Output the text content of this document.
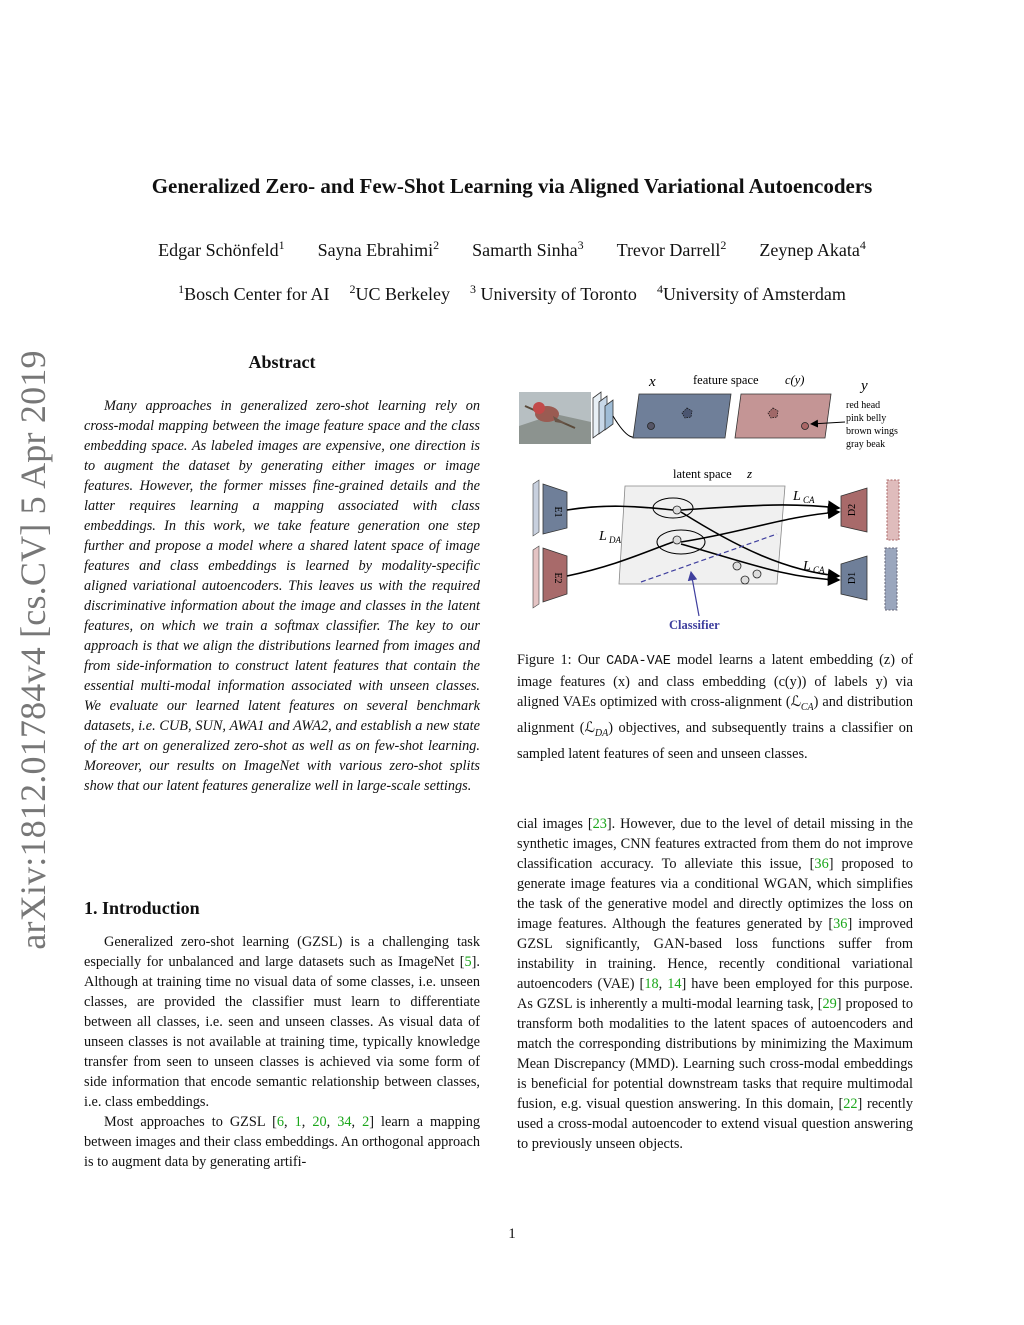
arXiv:1812.01784v4 [cs.CV] 5 Apr 2019
Generalized Zero- and Few-Shot Learning via Aligned Variational Autoencoders
Edgar Schönfeld$^1$ Sayna Ebrahimi$^2$ Samarth Sinha$^3$ Trevor Darrell$^2$ Zeynep Akata$^4$
$^1$Bosch Center for AI $^2$UC Berkeley $^3$ University of Toronto $^4$University of Amsterdam
Abstract
Many approaches in generalized zero-shot learning rely on cross-modal mapping between the image feature space and the class embedding space. As labeled images are expensive, one direction is to augment the dataset by generating either images or image features. However, the former misses fine-grained details and the latter requires learning a mapping associated with class embeddings. In this work, we take feature generation one step further and propose a model where a shared latent space of image features and class embeddings is learned by modality-specific aligned variational autoencoders. This leaves us with the required discriminative information about the image and classes in the latent features, on which we train a softmax classifier. The key to our approach is that we align the distributions learned from images and from side-information to construct latent features that contain the essential multi-modal information associated with unseen classes. We evaluate our learned latent features on several benchmark datasets, i.e. CUB, SUN, AWA1 and AWA2, and establish a new state of the art on generalized zero-shot as well as on few-shot learning. Moreover, our results on ImageNet with various zero-shot splits show that our latent features generalize well in large-scale settings.
1. Introduction

Generalized zero-shot learning (GZSL) is a challenging task especially for unbalanced and large datasets such as ImageNet [5]. Although at training time no visual data of some classes, i.e. unseen classes, are provided the classifier must learn to differentiate between all classes, i.e. seen and unseen classes. As visual data of unseen classes is not available at training time, typically knowledge transfer from seen to unseen classes is achieved via some form of side information that encode semantic relationship between classes, i.e. class embeddings.

Most approaches to GZSL [6, 1, 20, 34, 2] learn a mapping between images and their class embeddings. An orthogonal approach is to augment data by generating artifi-

x	feature space c(y)	y
red head
pink belly
brown wings
gray beak
latent space z
E1
E2
D2
D1
Classifier
L CA
L DA
L CA
Figure 1: Our CADA-VAE model learns a latent embedding (z) of image features (x) and class embedding (c(y)) of labels y) via aligned VAEs optimized with cross-alignment (ℒ$_{CA}$) and distribution alignment (ℒ$_{DA}$) objectives, and subsequently trains a classifier on sampled latent features of seen and unseen classes.
cial images [23]. However, due to the level of detail missing in the synthetic images, CNN features extracted from them do not improve classification accuracy. To alleviate this issue, [36] proposed to generate image features via a conditional WGAN, which simplifies the task of the generative model and directly optimizes the loss on image features. Although the features generated by [36] improved GZSL significantly, GAN-based loss functions suffer from instability in training. Hence, recently conditional variational autoencoders (VAE) [18, 14] have been employed for this purpose. As GZSL is inherently a multi-modal learning task, [29] proposed to transform both modalities to the latent spaces of autoencoders and match the corresponding distributions by minimizing the Maximum Mean Discrepancy (MMD). Learning such cross-modal embeddings is beneficial for potential downstream tasks that require multimodal fusion, e.g. visual question answering. In this domain, [22] recently used a cross-modal autoencoder to extend visual question answering to previously unseen objects.
1
